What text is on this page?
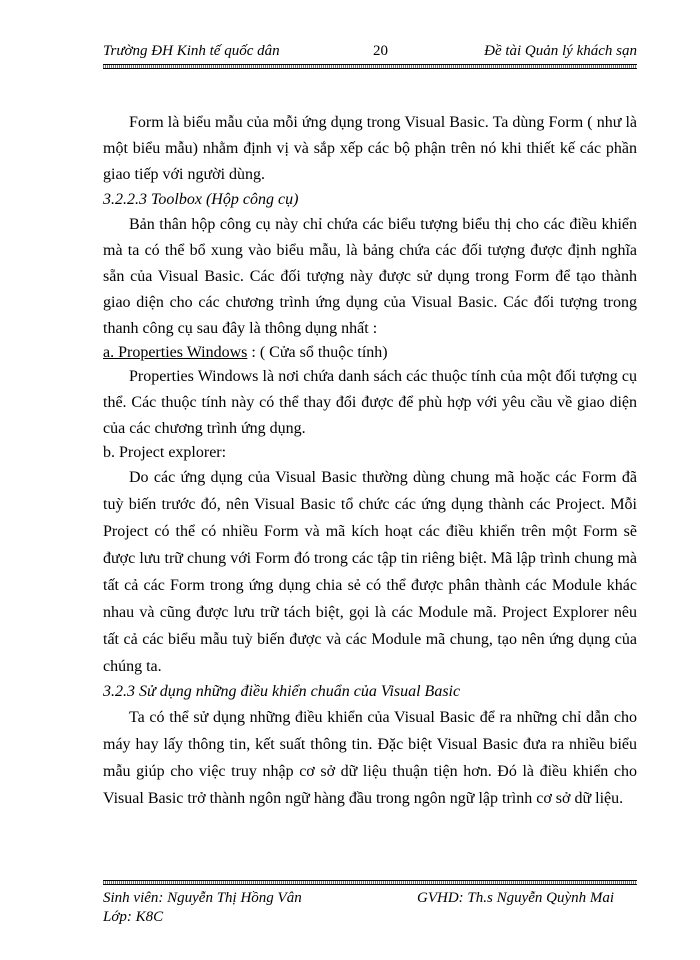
Trường ĐH Kinh tế quốc dân	20	Đề tài Quản lý khách sạn

Form là biểu mẫu của mỗi ứng dụng trong Visual Basic. Ta dùng Form ( như là một biểu mẫu) nhằm định vị và sắp xếp các bộ phận trên nó khi thiết kế các phần giao tiếp với người dùng.

3.2.2.3 Toolbox (Hộp công cụ)

Bản thân hộp công cụ này chỉ chứa các biểu tượng biểu thị cho các điều khiển mà ta có thể bổ xung vào biểu mẫu, là bảng chứa các đối tượng được định nghĩa sẵn của Visual Basic. Các đối tượng này được sử dụng trong Form để tạo thành giao diện cho các chương trình ứng dụng của Visual Basic. Các đối tượng trong thanh công cụ sau đây là thông dụng nhất :

a. Properties Windows : ( Cửa sổ thuộc tính)

Properties Windows là nơi chứa danh sách các thuộc tính của một đối tượng cụ thể. Các thuộc tính này có thể thay đổi được để phù hợp với yêu cầu về giao diện của các chương trình ứng dụng.

b. Project explorer:

Do các ứng dụng của Visual Basic thường dùng chung mã hoặc các Form đã tuỳ biến trước đó, nên Visual Basic tổ chức các ứng dụng thành các Project. Mỗi Project có thể có nhiều Form và mã kích hoạt các điều khiển trên một Form sẽ được lưu trữ chung với Form đó trong các tập tin riêng biệt. Mã lập trình chung mà tất cả các Form trong ứng dụng chia sẻ có thể được phân thành các Module khác nhau và cũng được lưu trữ tách biệt, gọi là các Module mã. Project Explorer nêu tất cả các biểu mẫu tuỳ biến được và các Module mã chung, tạo nên ứng dụng của chúng ta.

3.2.3 Sử dụng những điều khiển chuẩn của Visual Basic

Ta có thể sử dụng những điều khiển của Visual Basic để ra những chỉ dẫn cho máy hay lấy thông tin, kết suất thông tin. Đặc biệt Visual Basic đưa ra nhiều biểu mẫu giúp cho việc truy nhập cơ sở dữ liệu thuận tiện hơn. Đó là điều khiển cho Visual Basic trở thành ngôn ngữ hàng đầu trong ngôn ngữ lập trình cơ sở dữ liệu.

Sinh viên: Nguyễn Thị Hồng Vân	GVHD: Th.s Nguyễn Quỳnh Mai
Lớp: K8C
